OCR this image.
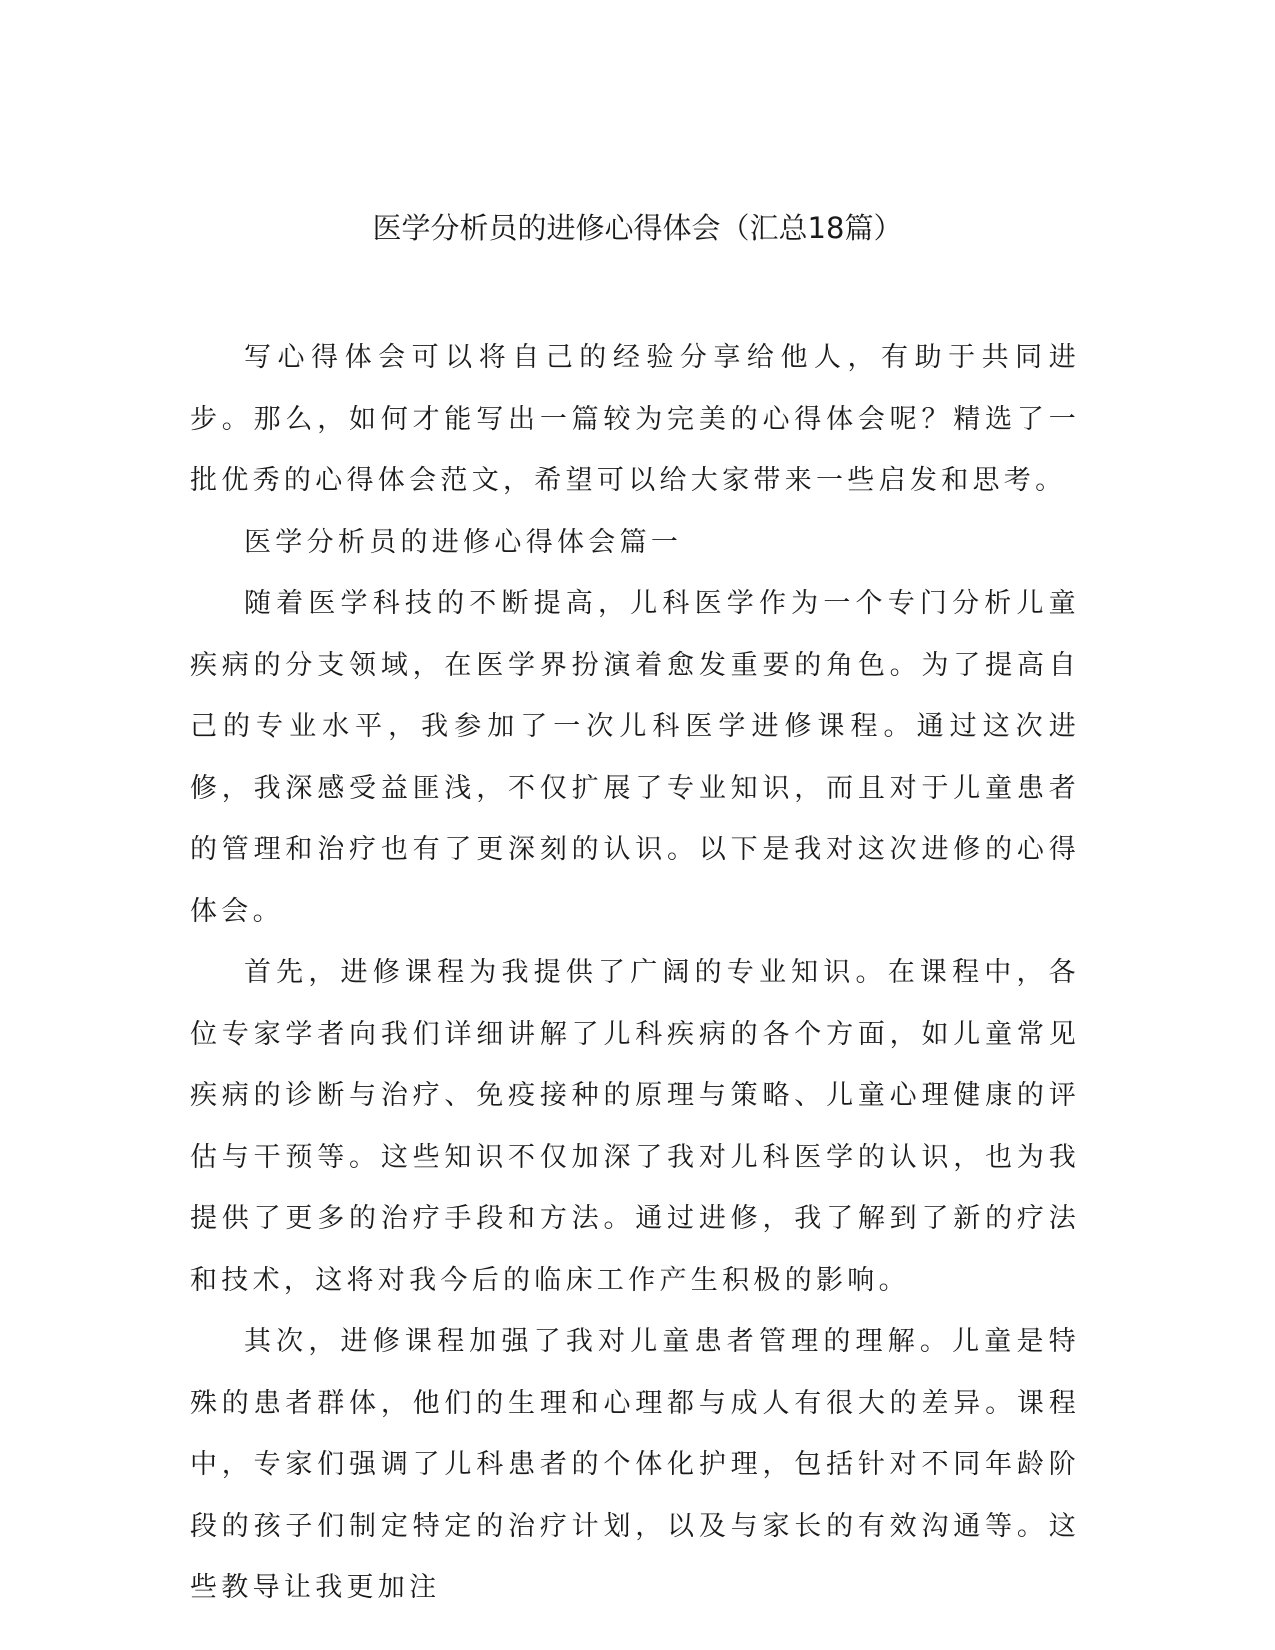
医学分析员的进修心得体会（汇总18篇）

写心得体会可以将自己的经验分享给他人，有助于共同进步。那么，如何才能写出一篇较为完美的心得体会呢？精选了一批优秀的心得体会范文，希望可以给大家带来一些启发和思考。

医学分析员的进修心得体会篇一

随着医学科技的不断提高，儿科医学作为一个专门分析儿童疾病的分支领域，在医学界扮演着愈发重要的角色。为了提高自己的专业水平，我参加了一次儿科医学进修课程。通过这次进修，我深感受益匪浅，不仅扩展了专业知识，而且对于儿童患者的管理和治疗也有了更深刻的认识。以下是我对这次进修的心得体会。

首先，进修课程为我提供了广阔的专业知识。在课程中，各位专家学者向我们详细讲解了儿科疾病的各个方面，如儿童常见疾病的诊断与治疗、免疫接种的原理与策略、儿童心理健康的评估与干预等。这些知识不仅加深了我对儿科医学的认识，也为我提供了更多的治疗手段和方法。通过进修，我了解到了新的疗法和技术，这将对我今后的临床工作产生积极的影响。

其次，进修课程加强了我对儿童患者管理的理解。儿童是特殊的患者群体，他们的生理和心理都与成人有很大的差异。课程中，专家们强调了儿科患者的个体化护理，包括针对不同年龄阶段的孩子们制定特定的治疗计划，以及与家长的有效沟通等。这些教导让我更加注
